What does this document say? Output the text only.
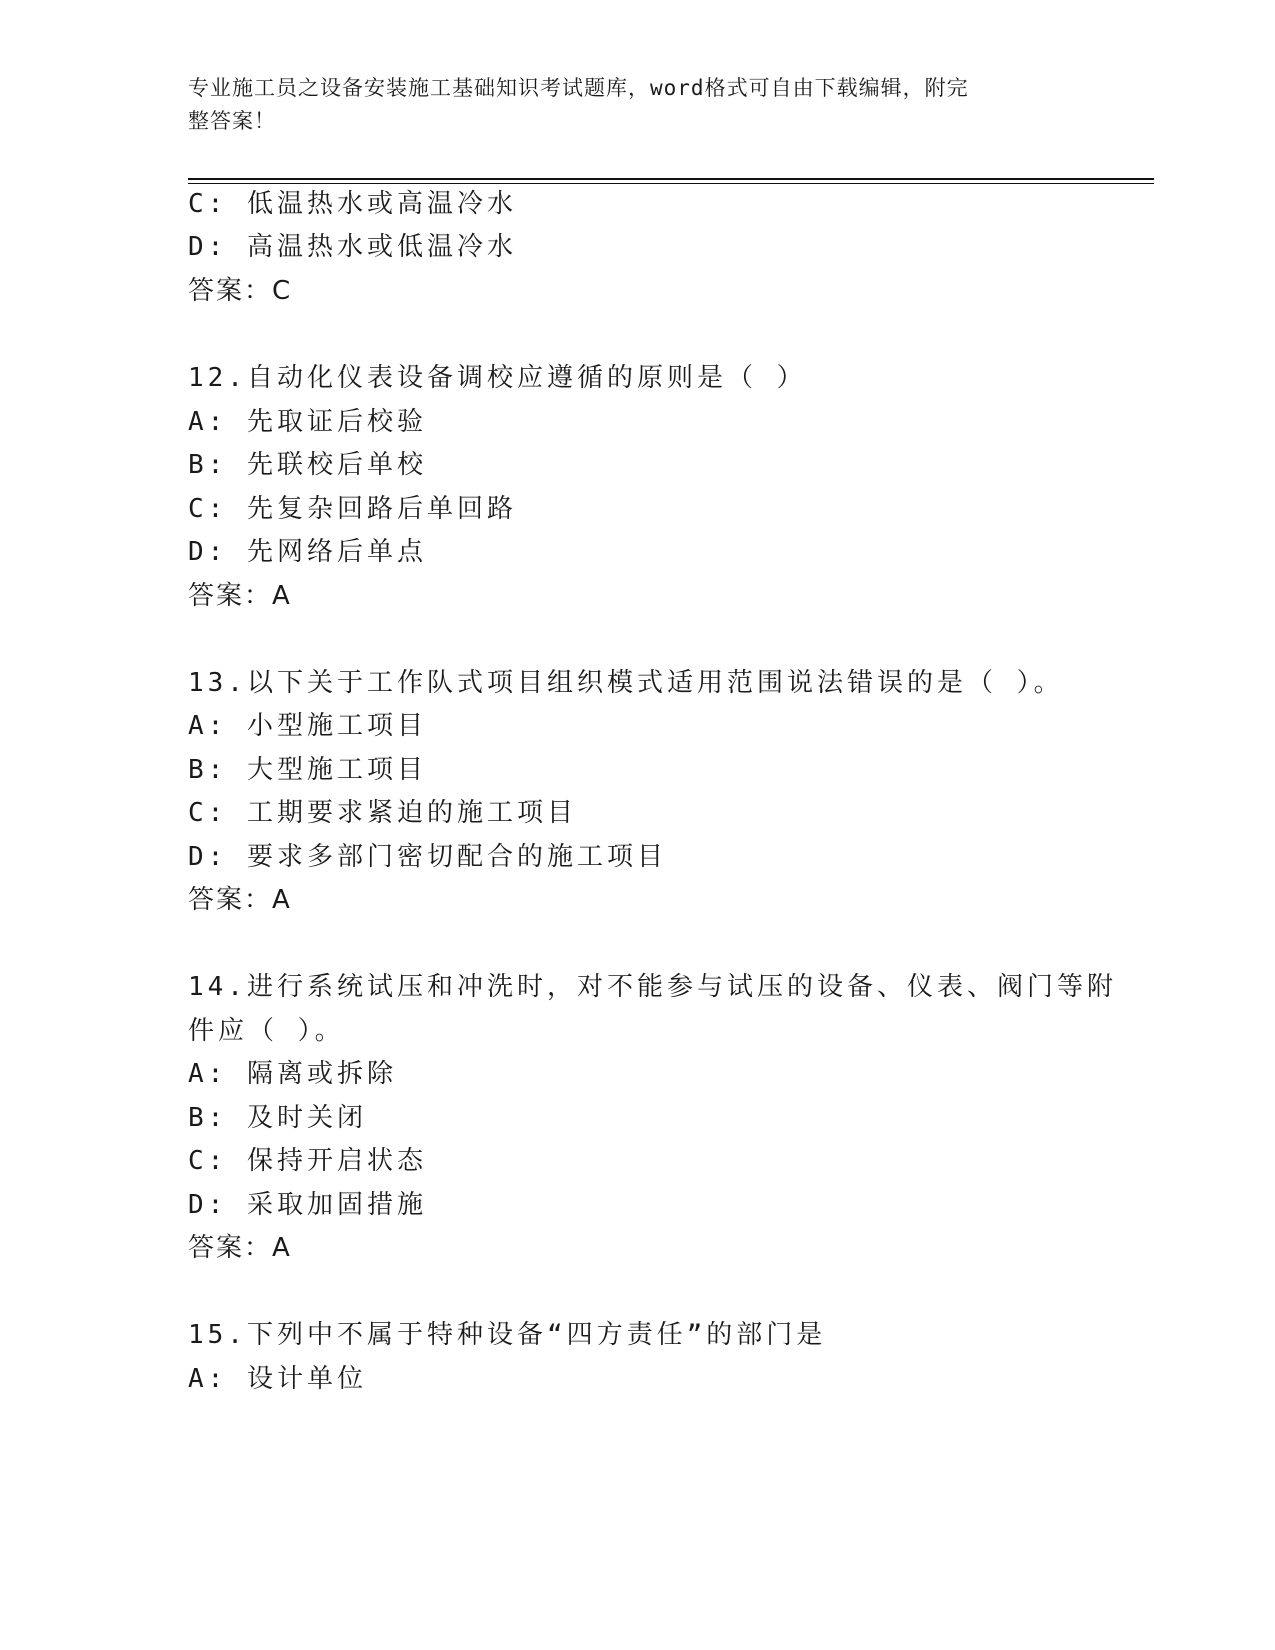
专业施工员之设备安装施工基础知识考试题库，word格式可自由下载编辑，附完
整答案！
C: 低温热水或高温冷水
D: 高温热水或低温冷水
答案：C
12.自动化仪表设备调校应遵循的原则是（ ）
A: 先取证后校验
B: 先联校后单校
C: 先复杂回路后单回路
D: 先网络后单点
答案：A
13.以下关于工作队式项目组织模式适用范围说法错误的是（ ）。
A: 小型施工项目
B: 大型施工项目
C: 工期要求紧迫的施工项目
D: 要求多部门密切配合的施工项目
答案：A
14.进行系统试压和冲洗时，对不能参与试压的设备、仪表、阀门等附
件应（ ）。
A: 隔离或拆除
B: 及时关闭
C: 保持开启状态
D: 采取加固措施
答案：A
15.下列中不属于特种设备“四方责任”的部门是
A: 设计单位
